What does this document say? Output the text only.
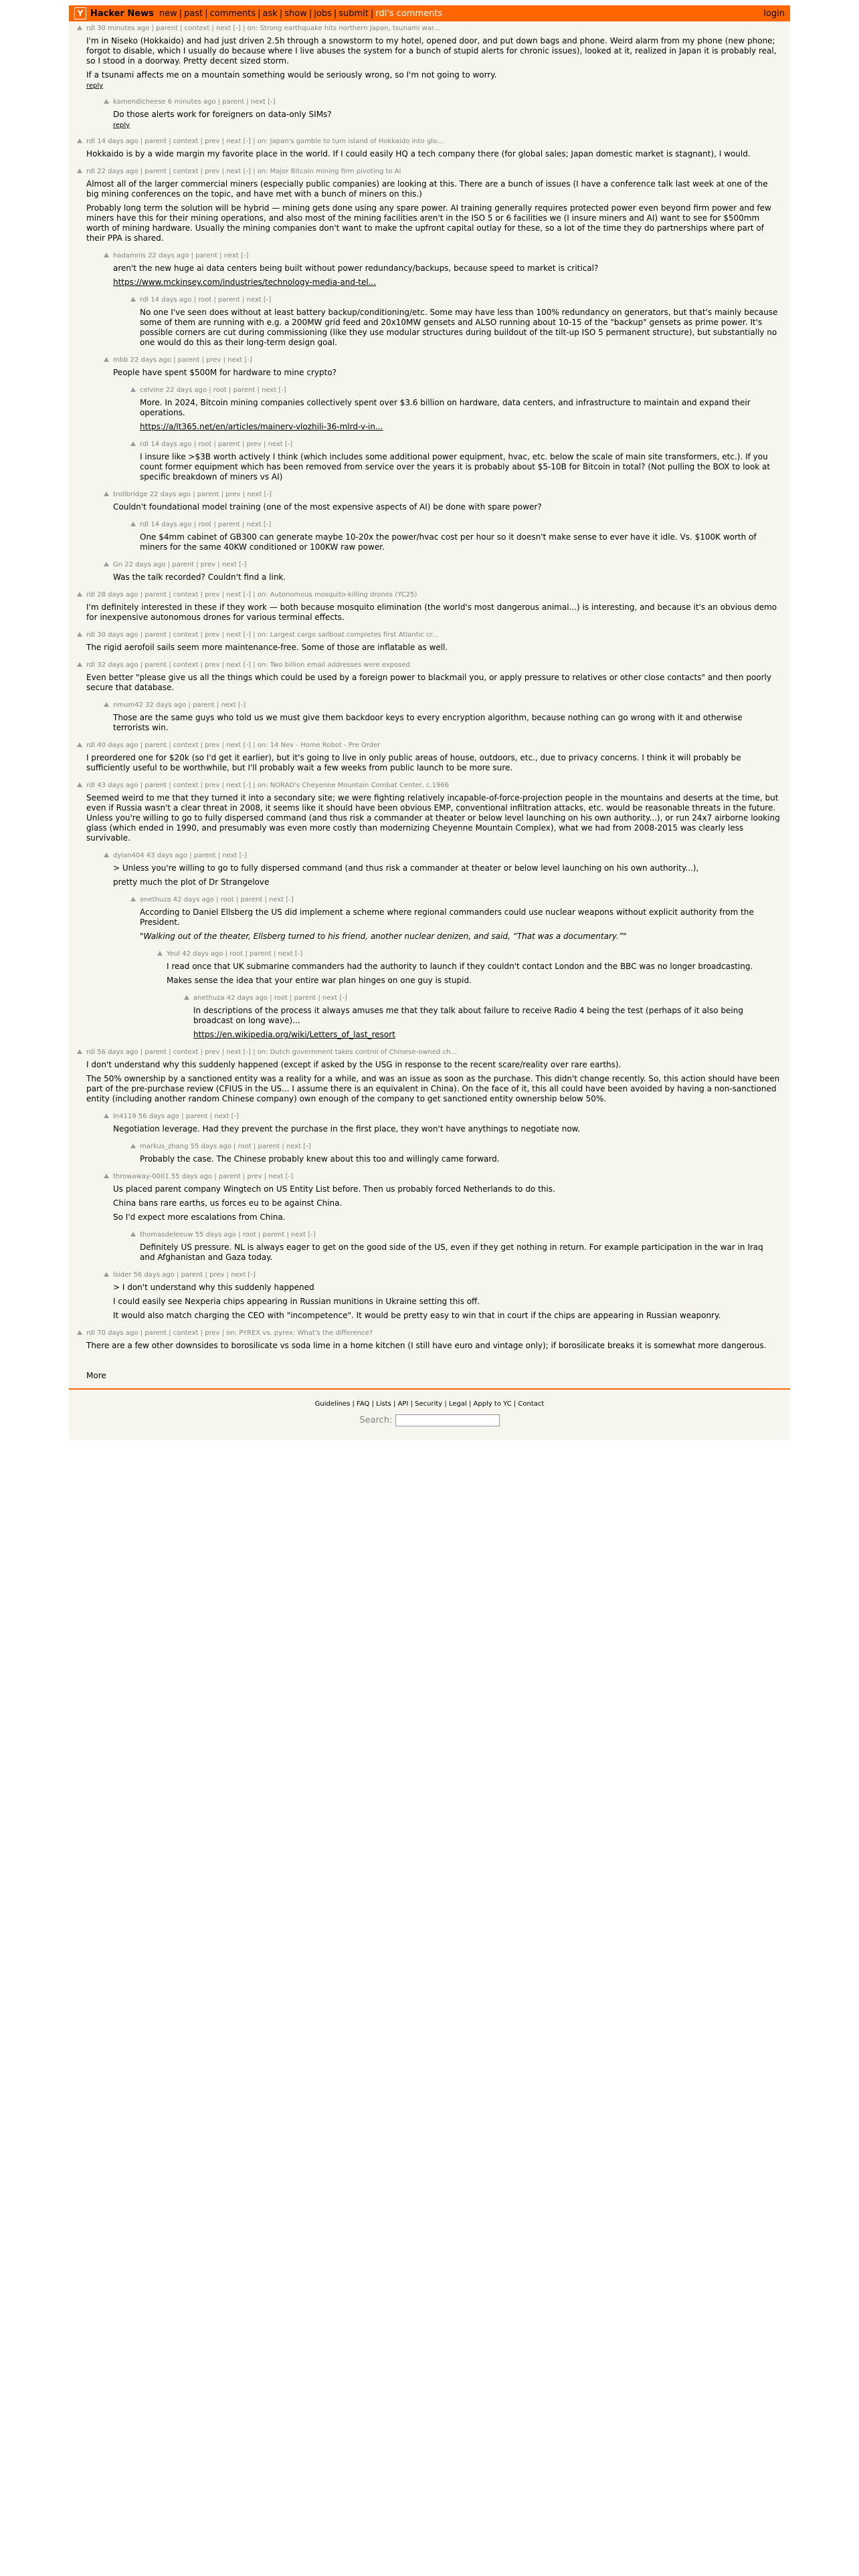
Y Hacker News new | past | comments | ask | show | jobs | submit | rdl's comments	login
rdl 30 minutes ago | parent | context | next [-] | on: Strong earthquake hits northern Japan, tsunami war...

I'm in Niseko (Hokkaido) and had just driven 2.5h through a snowstorm to my hotel, opened door, and put down bags and phone. Weird alarm from my phone (new phone; forgot to disable, which I usually do because where I live abuses the system for a bunch of stupid alerts for chronic issues), looked at it, realized in Japan it is probably real, so I stood in a doorway. Pretty decent sized storm.

If a tsunami affects me on a mountain something would be seriously wrong, so I'm not going to worry.

reply
kamendicheese 6 minutes ago | parent | next [-]

Do those alerts work for foreigners on data-only SIMs?

reply
rdl 14 days ago | parent | context | prev | next [-] | on: Japan's gamble to turn island of Hokkaido into glo...

Hokkaido is by a wide margin my favorite place in the world. If I could easily HQ a tech company there (for global sales; Japan domestic market is stagnant), I would.

rdl 22 days ago | parent | context | prev | next [-] | on: Major Bitcoin mining firm pivoting to AI

Almost all of the larger commercial miners (especially public companies) are looking at this. There are a bunch of issues (I have a conference talk last week at one of the big mining conferences on the topic, and have met with a bunch of miners on this.)

Probably long term the solution will be hybrid — mining gets done using any spare power. AI training generally requires protected power even beyond firm power and few miners have this for their mining operations, and also most of the mining facilities aren't in the ISO 5 or 6 facilities we (I insure miners and AI) want to see for $500mm worth of mining hardware. Usually the mining companies don't want to make the upfront capital outlay for these, so a lot of the time they do partnerships where part of their PPA is shared.

hadamnis 22 days ago | parent | next [-]

aren't the new huge ai data centers being built without power redundancy/backups, because speed to market is critical?

https://www.mckinsey.com/industries/technology-media-and-tel...

rdl 14 days ago | root | parent | next [-]

No one I've seen does without at least battery backup/conditioning/etc. Some may have less than 100% redundancy on generators, but that's mainly because some of them are running with e.g. a 200MW grid feed and 20x10MW gensets and ALSO running about 10-15 of the "backup" gensets as prime power. It's possible corners are cut during commissioning (like they use modular structures during buildout of the tilt-up ISO 5 permanent structure), but substantially no one would do this as their long-term design goal.

mbb 22 days ago | parent | prev | next [-]

People have spent $500M for hardware to mine crypto?

celvine 22 days ago | root | parent | next [-]

More. In 2024, Bitcoin mining companies collectively spent over $3.6 billion on hardware, data centers, and infrastructure to maintain and expand their operations.

https://a/lt365.net/en/articles/mainerv-vlozhili-36-mlrd-v-in...

rdl 14 days ago | root | parent | prev | next [-]

I insure like >$3B worth actively I think (which includes some additional power equipment, hvac, etc. below the scale of main site transformers, etc.). If you count former equipment which has been removed from service over the years it is probably about $5-10B for Bitcoin in total? (Not pulling the BOX to look at specific breakdown of miners vs AI)

trollbridge 22 days ago | parent | prev | next [-]

Couldn't foundational model training (one of the most expensive aspects of AI) be done with spare power?

rdl 14 days ago | root | parent | next [-]

One $4mm cabinet of GB300 can generate maybe 10-20x the power/hvac cost per hour so it doesn't make sense to ever have it idle. Vs. $100K worth of miners for the same 40KW conditioned or 100KW raw power.

Gn 22 days ago | parent | prev | next [-]

Was the talk recorded? Couldn't find a link.

rdl 28 days ago | parent | context | prev | next [-] | on: Autonomous mosquito-killing drones (YC25)

I'm definitely interested in these if they work — both because mosquito elimination (the world's most dangerous animal...) is interesting, and because it's an obvious demo for inexpensive autonomous drones for various terminal effects.

rdl 30 days ago | parent | context | prev | next [-] | on: Largest cargo sailboat completes first Atlantic cr...

The rigid aerofoil sails seem more maintenance-free. Some of those are inflatable as well.

rdl 32 days ago | parent | context | prev | next [-] | on: Two billion email addresses were exposed

Even better "please give us all the things which could be used by a foreign power to blackmail you, or apply pressure to relatives or other close contacts" and then poorly secure that database.

nmum42 32 days ago | parent | next [-]

Those are the same guys who told us we must give them backdoor keys to every encryption algorithm, because nothing can go wrong with it and otherwise terrorists win.

rdl 40 days ago | parent | context | prev | next [-] | on: 14 Nev - Home Robot - Pre Order

I preordered one for $20k (so I'd get it earlier), but it's going to live in only public areas of house, outdoors, etc., due to privacy concerns. I think it will probably be sufficiently useful to be worthwhile, but I'll probably wait a few weeks from public launch to be more sure.

rdl 43 days ago | parent | context | prev | next [-] | on: NORAD's Cheyenne Mountain Combat Center, c.1966

Seemed weird to me that they turned it into a secondary site; we were fighting relatively incapable-of-force-projection people in the mountains and deserts at the time, but even if Russia wasn't a clear threat in 2008, it seems like it should have been obvious EMP, conventional infiltration attacks, etc. would be reasonable threats in the future. Unless you're willing to go to fully dispersed command (and thus risk a commander at theater or below level launching on his own authority...), or run 24x7 airborne looking glass (which ended in 1990, and presumably was even more costly than modernizing Cheyenne Mountain Complex), what we had from 2008-2015 was clearly less survivable.

dylan404 43 days ago | parent | next [-]

> Unless you're willing to go to fully dispersed command (and thus risk a commander at theater or below level launching on his own authority...),

pretty much the plot of Dr Strangelove

anethuza 42 days ago | root | parent | next [-]

According to Daniel Ellsberg the US did implement a scheme where regional commanders could use nuclear weapons without explicit authority from the President.

"Walking out of the theater, Ellsberg turned to his friend, another nuclear denizen, and said, “That was a documentary.”"

Yeul 42 days ago | root | parent | next [-]

I read once that UK submarine commanders had the authority to launch if they couldn't contact London and the BBC was no longer broadcasting.

Makes sense the idea that your entire war plan hinges on one guy is stupid.

anethuza 42 days ago | root | parent | next [-]

In descriptions of the process it always amuses me that they talk about failure to receive Radio 4 being the test (perhaps of it also being broadcast on long wave)...

https://en.wikipedia.org/wiki/Letters_of_last_resort

rdl 56 days ago | parent | context | prev | next [-] | on: Dutch government takes control of Chinese-owned ch...

I don't understand why this suddenly happened (except if asked by the USG in response to the recent scare/reality over rare earths).

The 50% ownership by a sanctioned entity was a reality for a while, and was an issue as soon as the purchase. This didn't change recently. So, this action should have been part of the pre-purchase review (CFIUS in the US... I assume there is an equivalent in China). On the face of it, this all could have been avoided by having a non-sanctioned entity (including another random Chinese company) own enough of the company to get sanctioned entity ownership below 50%.

ln4119 56 days ago | parent | next [-]

Negotiation leverage. Had they prevent the purchase in the first place, they won't have anythings to negotiate now.

markus_zhang 55 days ago | root | parent | next [-]

Probably the case. The Chinese probably knew about this too and willingly came forward.

throwaway-0001 55 days ago | parent | prev | next [-]

Us placed parent company Wingtech on US Entity List before. Then us probably forced Netherlands to do this.

China bans rare earths, us forces eu to be against China.

So I'd expect more escalations from China.

thomasdeleeuw 55 days ago | root | parent | next [-]

Definitely US pressure. NL is always eager to get on the good side of the US, even if they get nothing in return. For example participation in the war in Iraq and Afghanistan and Gaza today.

lsider 56 days ago | parent | prev | next [-]

> I don't understand why this suddenly happened

I could easily see Nexperia chips appearing in Russian munitions in Ukraine setting this off.

It would also match charging the CEO with "incompetence". It would be pretty easy to win that in court if the chips are appearing in Russian weaponry.

rdl 70 days ago | parent | context | prev | on: PYREX vs. pyrex: What's the difference?

There are a few other downsides to borosilicate vs soda lime in a home kitchen (I still have euro and vintage only); if borosilicate breaks it is somewhat more dangerous.

More
Guidelines | FAQ | Lists | API | Security | Legal | Apply to YC | Contact
Search:
